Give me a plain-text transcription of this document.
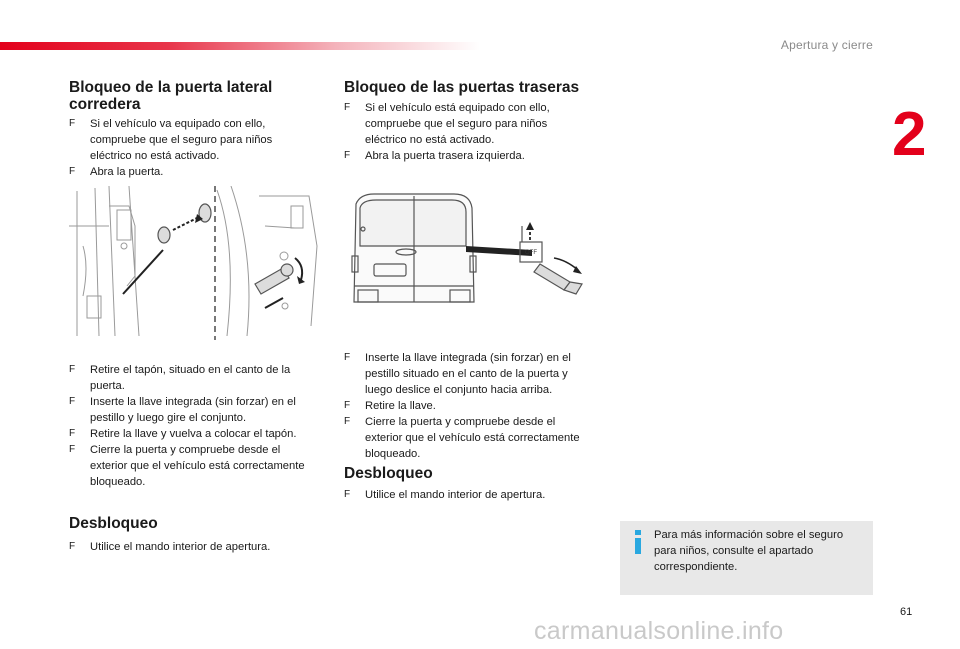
Apertura y cierre
2
Bloqueo de la puerta lateral
corredera
F Si el vehículo va equipado con ello,
compruebe que el seguro para niños
eléctrico no está activado.
F Abra la puerta.
F Retire el tapón, situado en el canto de la
puerta.
F Inserte la llave integrada (sin forzar) en el
pestillo y luego gire el conjunto.
F Retire la llave y vuelva a colocar el tapón.
F Cierre la puerta y compruebe desde el
exterior que el vehículo está correctamente
bloqueado.
Desbloqueo
F Utilice el mando interior de apertura.
Bloqueo de las puertas traseras
F Si el vehículo está equipado con ello,
compruebe que el seguro para niños
eléctrico no está activado.
F Abra la puerta trasera izquierda.
OFF
F Inserte la llave integrada (sin forzar) en el
pestillo situado en el canto de la puerta y
luego deslice el conjunto hacia arriba.
F Retire la llave.
F Cierre la puerta y compruebe desde el
exterior que el vehículo está correctamente
bloqueado.
Desbloqueo
F Utilice el mando interior de apertura.
Para más información sobre el seguro
para niños, consulte el apartado
correspondiente.
61
carmanualsonline.info
